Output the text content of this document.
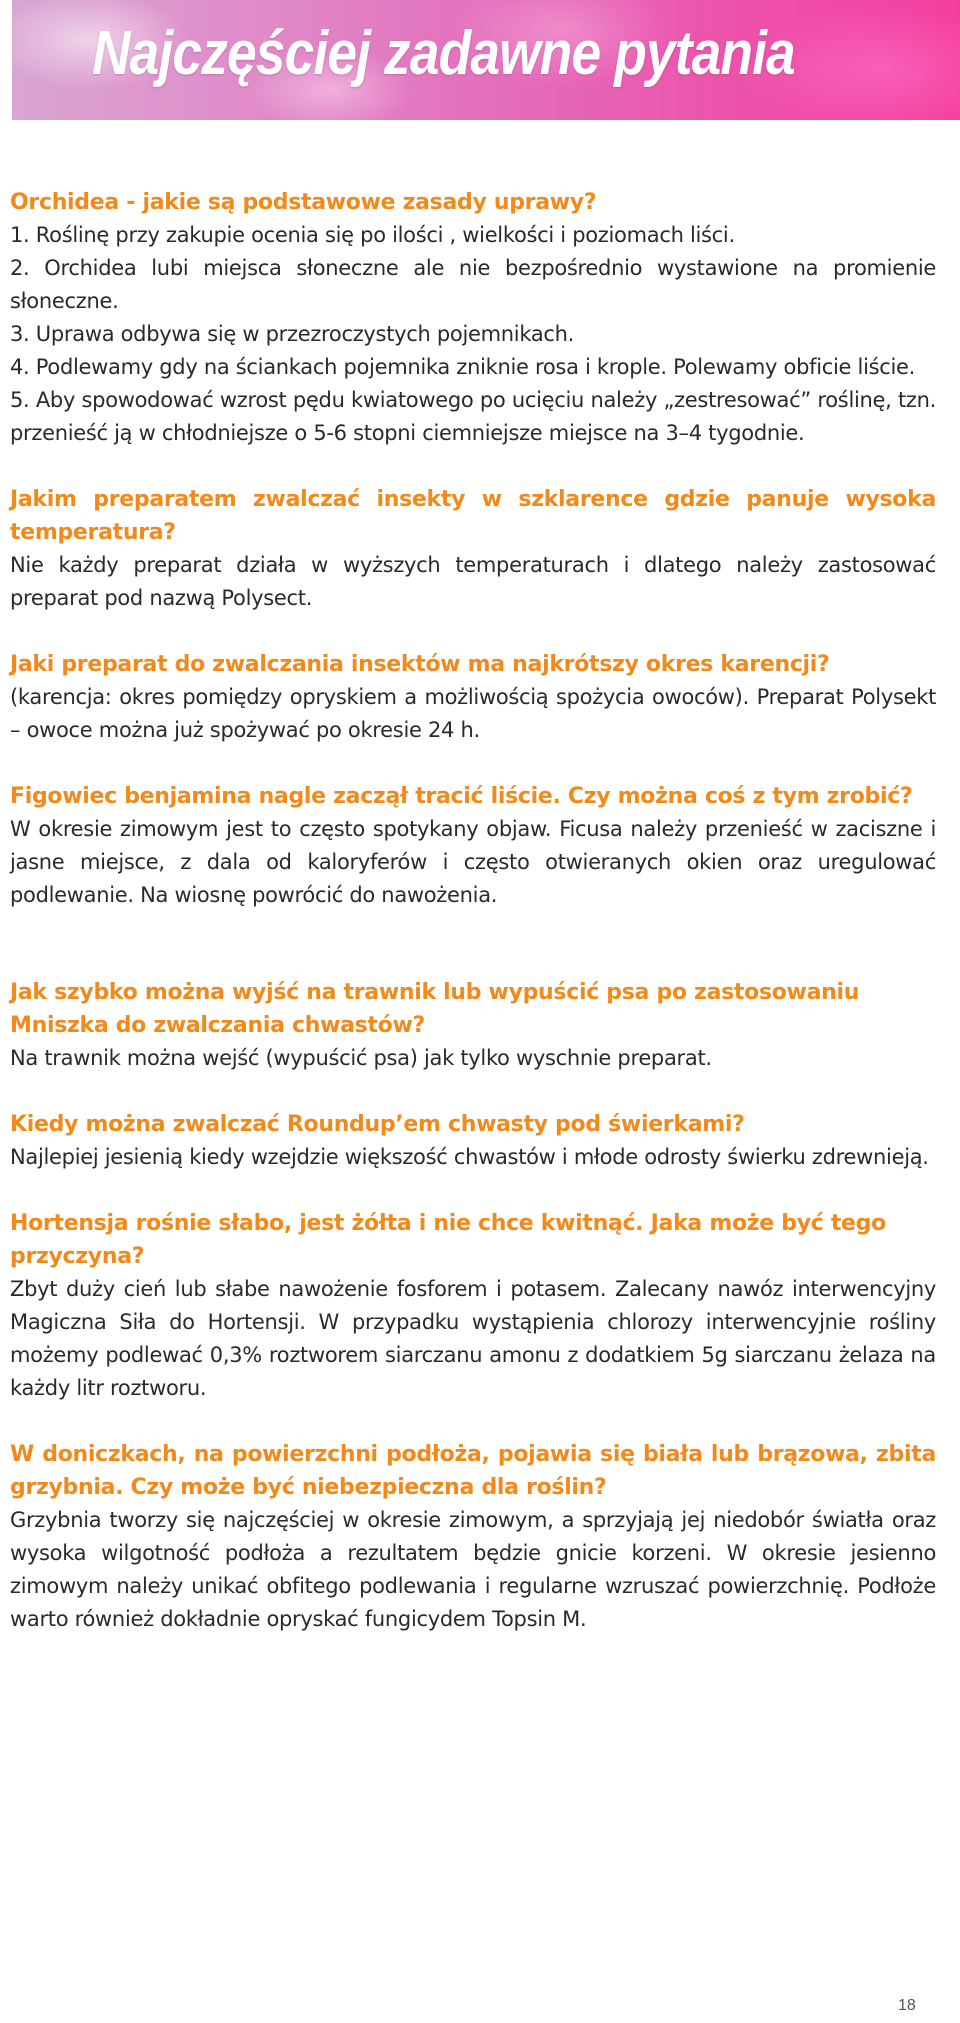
Najczęściej zadawne pytania
Orchidea - jakie są podstawowe zasady uprawy?
1. Roślinę przy zakupie ocenia się po ilości , wielkości i poziomach liści.
2. Orchidea lubi miejsca słoneczne ale nie bezpośrednio wystawione na promienie słoneczne.
3. Uprawa odbywa się w przezroczystych pojemnikach.
4. Podlewamy gdy na ściankach pojemnika zniknie rosa i krople. Polewamy obficie liście.
5. Aby spowodować wzrost pędu kwiatowego po ucięciu należy „zestresować” roślinę, tzn. przenieść ją w chłodniejsze o 5-6 stopni ciemniejsze miejsce na 3–4 tygodnie.
Jakim preparatem zwalczać insekty w szklarence gdzie panuje wysoka temperatura?
Nie każdy preparat działa w wyższych temperaturach i dlatego należy zastosować preparat pod nazwą Polysect.
Jaki preparat do zwalczania insektów ma najkrótszy okres karencji?
(karencja: okres pomiędzy opryskiem a możliwością spożycia owoców). Preparat Polysekt – owoce można już spożywać po okresie 24 h.
Figowiec benjamina nagle zaczął tracić liście. Czy można coś z tym zrobić?
W okresie zimowym jest to często spotykany objaw. Ficusa należy przenieść w zaciszne i jasne miejsce, z dala od kaloryferów i często otwieranych okien oraz uregulować podlewanie. Na wiosnę powrócić do nawożenia.
Jak szybko można wyjść na trawnik lub wypuścić psa po zastosowaniu Mniszka do zwalczania chwastów?
Na trawnik można wejść (wypuścić psa) jak tylko wyschnie preparat.
Kiedy można zwalczać Roundup’em chwasty pod świerkami?
Najlepiej jesienią kiedy wzejdzie większość chwastów i młode odrosty świerku zdrewnieją.
Hortensja rośnie słabo, jest żółta i nie chce kwitnąć. Jaka może być tego przyczyna?
Zbyt duży cień lub słabe nawożenie fosforem i potasem. Zalecany nawóz interwencyjny Magiczna Siła do Hortensji. W przypadku wystąpienia chlorozy interwencyjnie rośliny możemy podlewać 0,3% roztworem siarczanu amonu z dodatkiem 5g siarczanu żelaza na każdy litr roztworu.
W doniczkach, na powierzchni podłoża, pojawia się biała lub brązowa, zbita grzybnia. Czy może być niebezpieczna dla roślin?
Grzybnia tworzy się najczęściej w okresie zimowym, a sprzyjają jej niedobór światła oraz wysoka wilgotność podłoża a rezultatem będzie gnicie korzeni. W okresie jesienno zimowym należy unikać obfitego podlewania i regularne wzruszać powierzchnię. Podłoże warto również dokładnie opryskać fungicydem Topsin M.
18
